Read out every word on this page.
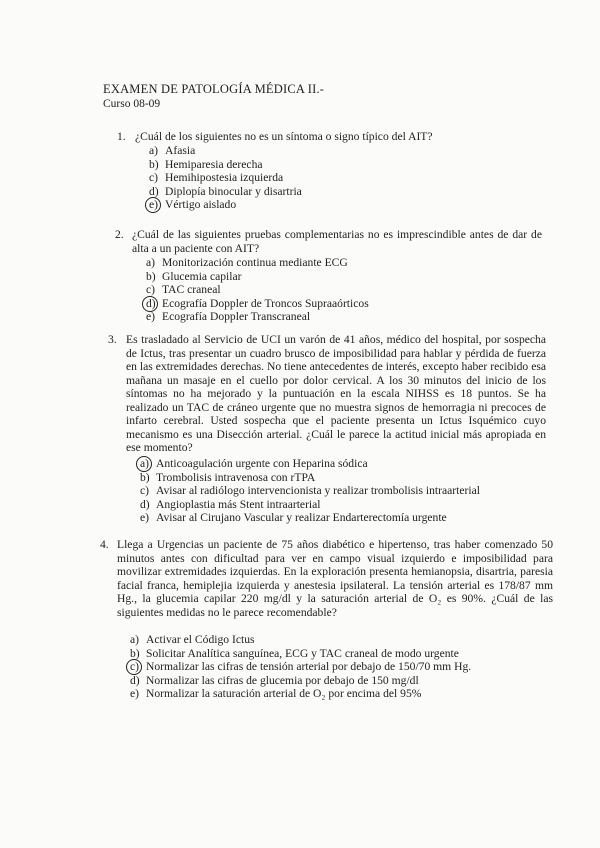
EXAMEN DE PATOLOGÍA MÉDICA II.-
Curso 08-09
1. ¿Cuál de los siguientes no es un síntoma o signo típico del AIT?
a) Afasia
b) Hemiparesia derecha
c) Hemihipostesia izquierda
d) Diplopía binocular y disartria
e) Vértigo aislado
2. ¿Cuál de las siguientes pruebas complementarias no es imprescindible antes de dar de alta a un paciente con AIT?
a) Monitorización continua mediante ECG
b) Glucemia capilar
c) TAC craneal
d) Ecografía Doppler de Troncos Supraaórticos
e) Ecografía Doppler Transcraneal
3. Es trasladado al Servicio de UCI un varón de 41 años, médico del hospital, por sospecha de Ictus, tras presentar un cuadro brusco de imposibilidad para hablar y pérdida de fuerza en las extremidades derechas. No tiene antecedentes de interés, excepto haber recibido esa mañana un masaje en el cuello por dolor cervical. A los 30 minutos del inicio de los síntomas no ha mejorado y la puntuación en la escala NIHSS es 18 puntos. Se ha realizado un TAC de cráneo urgente que no muestra signos de hemorragia ni precoces de infarto cerebral. Usted sospecha que el paciente presenta un Ictus Isquémico cuyo mecanismo es una Disección arterial. ¿Cuál le parece la actitud inicial más apropiada en ese momento?
a) Anticoagulación urgente con Heparina sódica
b) Trombolisis intravenosa con rTPA
c) Avisar al radiólogo intervencionista y realizar trombolisis intraarterial
d) Angioplastia más Stent intraarterial
e) Avisar al Cirujano Vascular y realizar Endarterectomía urgente
4. Llega a Urgencias un paciente de 75 años diabético e hipertenso, tras haber comenzado 50 minutos antes con dificultad para ver en campo visual izquierdo e imposibilidad para movilizar extremidades izquierdas. En la exploración presenta hemianopsia, disartria, paresia facial franca, hemiplejia izquierda y anestesia ipsilateral. La tensión arterial es 178/87 mm Hg., la glucemia capilar 220 mg/dl y la saturación arterial de O₂ es 90%. ¿Cuál de las siguientes medidas no le parece recomendable?
a) Activar el Código Ictus
b) Solicitar Analítica sanguínea, ECG y TAC craneal de modo urgente
c) Normalizar las cifras de tensión arterial por debajo de 150/70 mm Hg.
d) Normalizar las cifras de glucemia por debajo de 150 mg/dl
e) Normalizar la saturación arterial de O₂ por encima del 95%
